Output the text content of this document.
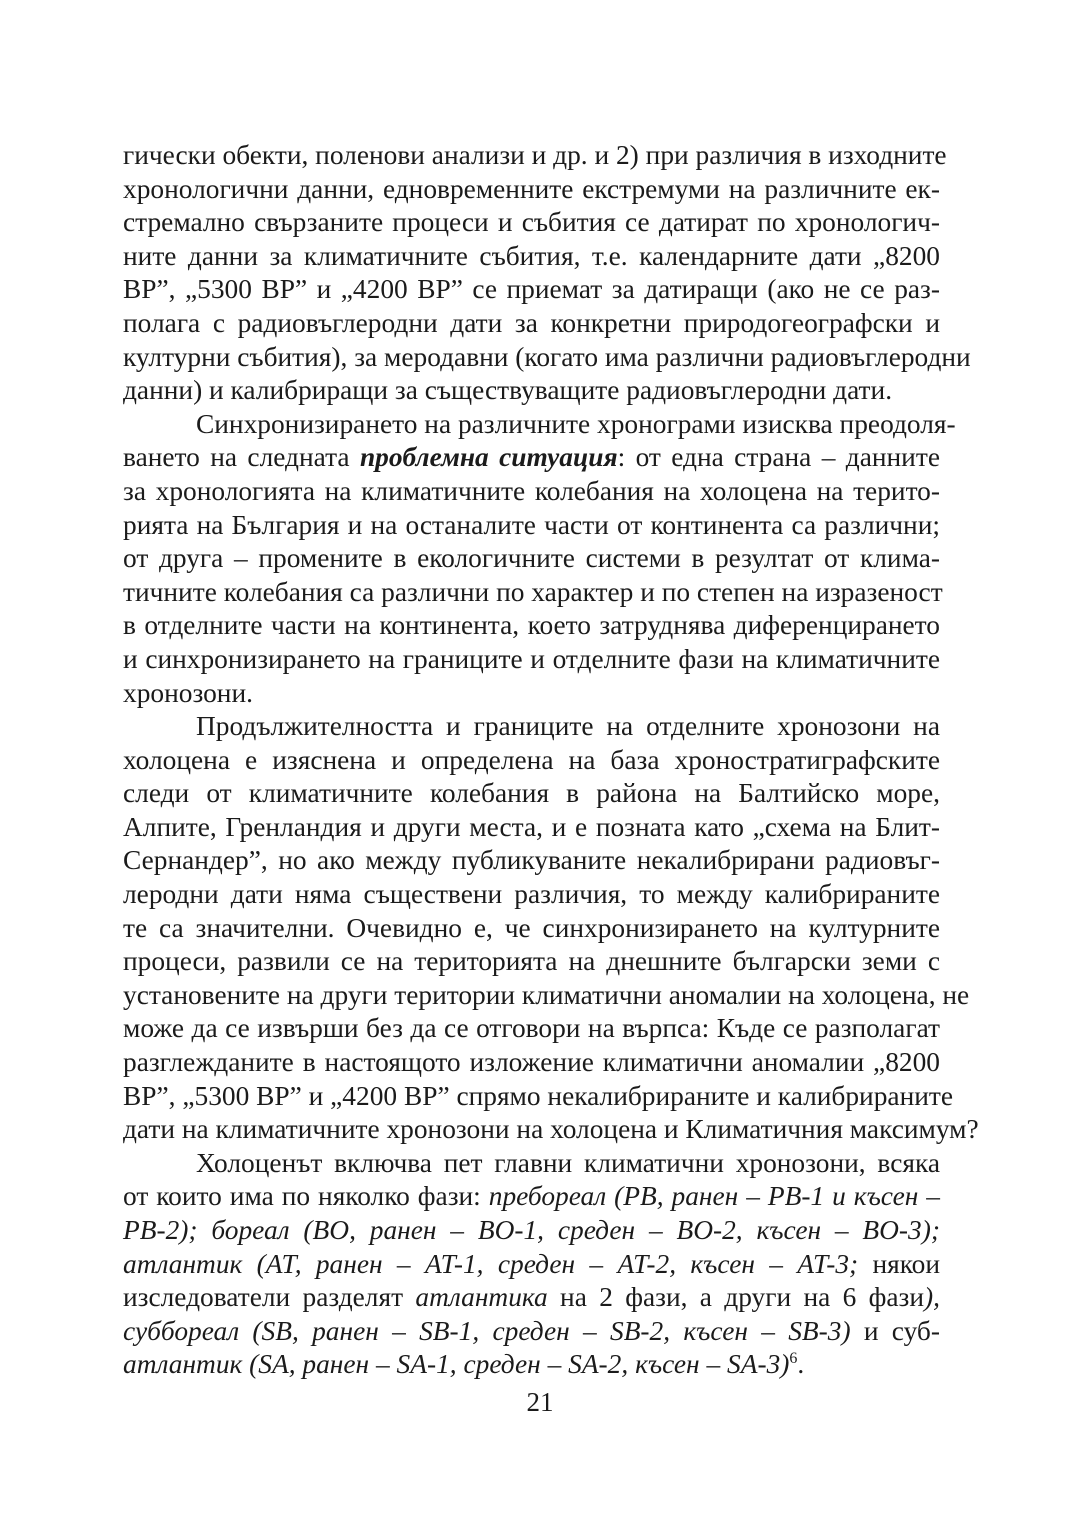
гически обекти, поленови анализи и др. и 2) при различия в изходните
хронологични данни, едновременните екстремуми на различните ек-
стремално свързаните процеси и събития се датират по хронологич-
ните данни за климатичните събития, т.е. календарните дати „8200
BP”, „5300 BP” и „4200 BP” се приемат за датиращи (ако не се раз-
полага с радиовъглеродни дати за конкретни природогеографски и
културни събития), за меродавни (когато има различни радиовъглеродни
данни) и калибриращи за съществуващите радиовъглеродни дати.
Синхронизирането на различните хронограми изисква преодоля-
ването на следната проблемна ситуация: от една страна – данните
за хронологията на климатичните колебания на холоцена на терито-
рията на България и на останалите части от континента са различни;
от друга – промените в екологичните системи в резултат от клима-
тичните колебания са различни по характер и по степен на изразеност
в отделните части на континента, което затруднява диференцирането
и синхронизирането на границите и отделните фази на климатичните
хронозони.
Продължителността и границите на отделните хронозони на
холоцена е изяснена и определена на база хроностратиграфските
следи от климатичните колебания в района на Балтийско море,
Алпите, Гренландия и други места, и е позната като „схема на Блит-
Сернандер”, но ако между публикуваните некалибрирани радиовъг-
леродни дати няма съществени различия, то между калибрираните
те са значителни. Очевидно е, че синхронизирането на културните
процеси, развили се на територията на днешните български земи с
установените на други територии климатични аномалии на холоцена, не
може да се извърши без да се отговори на върпса: Къде се разполагат
разглежданите в настоящото изложение климатични аномалии „8200
BP”, „5300 BP” и „4200 BP” спрямо некалибрираните и калибрираните
дати на климатичните хронозони на холоцена и Климатичния максимум?
Холоценът включва пет главни климатични хронозони, всяка
от които има по няколко фази: пребореал (PB, ранен – PB-1 и късен –
PB-2); бореал (BO, ранен – BO-1, среден – BO-2, късен – BO-3);
атлантик (AT, ранен – AT-1, среден – AT-2, късен – AT-3; някои
изследователи разделят атлантика на 2 фази, а други на 6 фази),
суббореал (SB, ранен – SB-1, среден – SB-2, късен – SB-3) и суб-
атлантик (SA, ранен – SA-1, среден – SA-2, късен – SA-3)$^6$.
21
